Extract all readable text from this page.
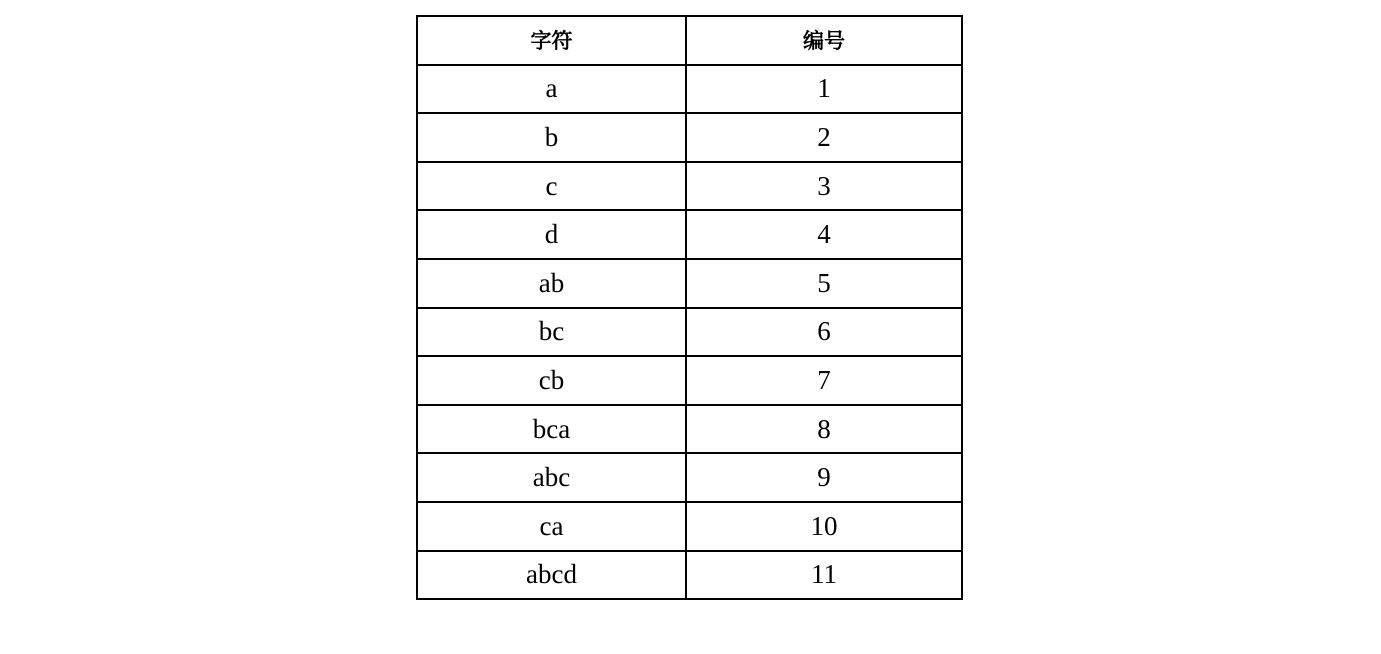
字符	编号
a	1
b	2
c	3
d	4
ab	5
bc	6
cb	7
bca	8
abc	9
ca	10
abcd	11
